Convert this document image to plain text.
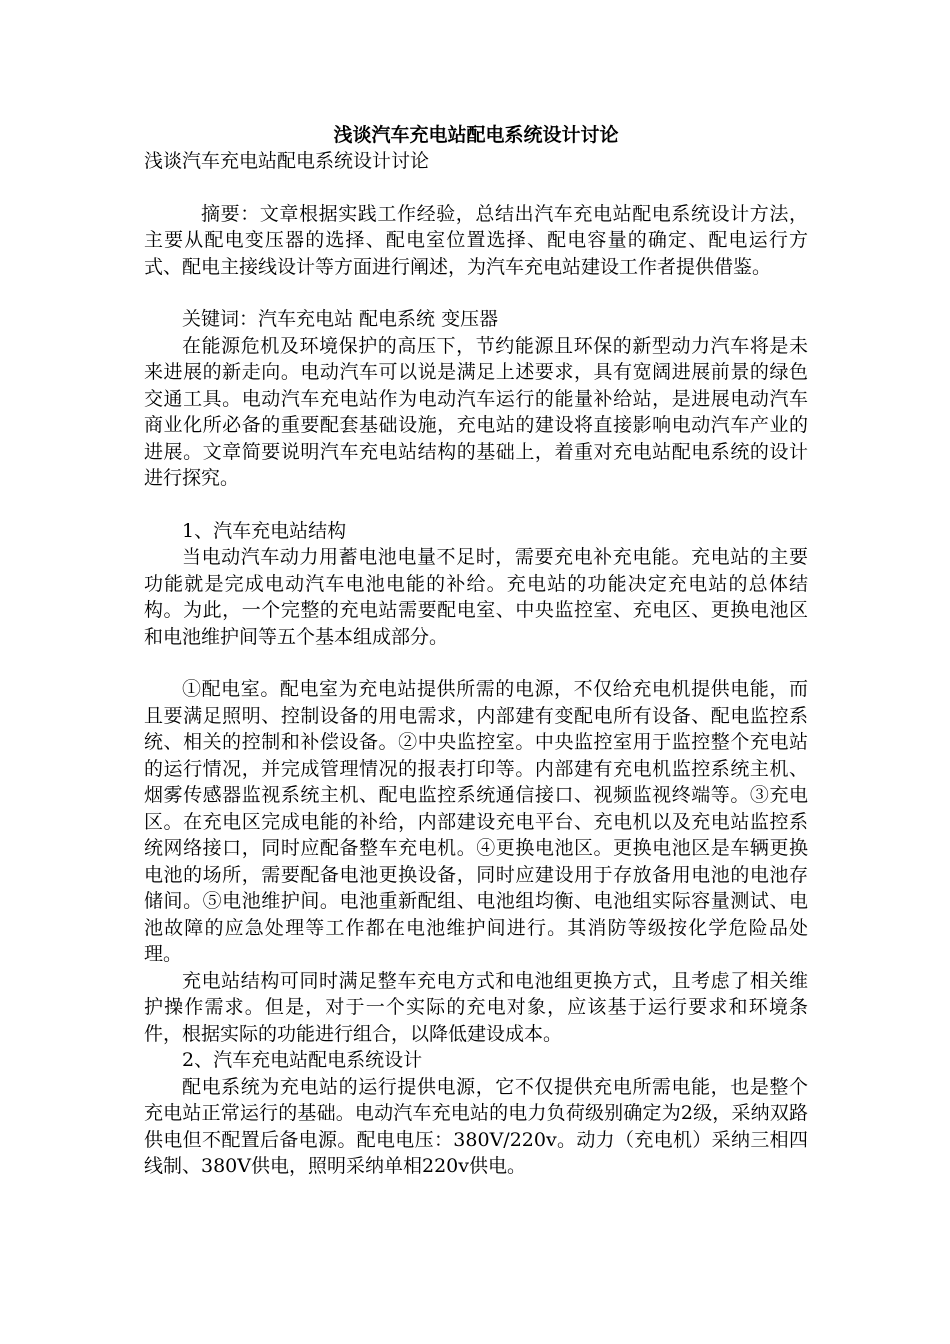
浅谈汽车充电站配电系统设计讨论

浅谈汽车充电站配电系统设计讨论

摘要：文章根据实践工作经验，总结出汽车充电站配电系统设计方法，主要从配电变压器的选择、配电室位置选择、配电容量的确定、配电运行方式、配电主接线设计等方面进行阐述，为汽车充电站建设工作者提供借鉴。

关键词：汽车充电站 配电系统 变压器

在能源危机及环境保护的高压下，节约能源且环保的新型动力汽车将是未来进展的新走向。电动汽车可以说是满足上述要求，具有宽阔进展前景的绿色交通工具。电动汽车充电站作为电动汽车运行的能量补给站，是进展电动汽车商业化所必备的重要配套基础设施，充电站的建设将直接影响电动汽车产业的进展。文章简要说明汽车充电站结构的基础上，着重对充电站配电系统的设计进行探究。

1、汽车充电站结构

当电动汽车动力用蓄电池电量不足时，需要充电补充电能。充电站的主要功能就是完成电动汽车电池电能的补给。充电站的功能决定充电站的总体结构。为此，一个完整的充电站需要配电室、中央监控室、充电区、更换电池区和电池维护间等五个基本组成部分。

①配电室。配电室为充电站提供所需的电源，不仅给充电机提供电能，而且要满足照明、控制设备的用电需求，内部建有变配电所有设备、配电监控系统、相关的控制和补偿设备。②中央监控室。中央监控室用于监控整个充电站的运行情况，并完成管理情况的报表打印等。内部建有充电机监控系统主机、烟雾传感器监视系统主机、配电监控系统通信接口、视频监视终端等。③充电区。在充电区完成电能的补给，内部建设充电平台、充电机以及充电站监控系统网络接口，同时应配备整车充电机。④更换电池区。更换电池区是车辆更换电池的场所，需要配备电池更换设备，同时应建设用于存放备用电池的电池存储间。⑤电池维护间。电池重新配组、电池组均衡、电池组实际容量测试、电池故障的应急处理等工作都在电池维护间进行。其消防等级按化学危险品处理。

充电站结构可同时满足整车充电方式和电池组更换方式，且考虑了相关维护操作需求。但是，对于一个实际的充电对象，应该基于运行要求和环境条件，根据实际的功能进行组合，以降低建设成本。

2、汽车充电站配电系统设计

配电系统为充电站的运行提供电源，它不仅提供充电所需电能，也是整个充电站正常运行的基础。电动汽车充电站的电力负荷级别确定为2级，采纳双路供电但不配置后备电源。配电电压：380V/220v。动力（充电机）采纳三相四线制、380V供电，照明采纳单相220v供电。
